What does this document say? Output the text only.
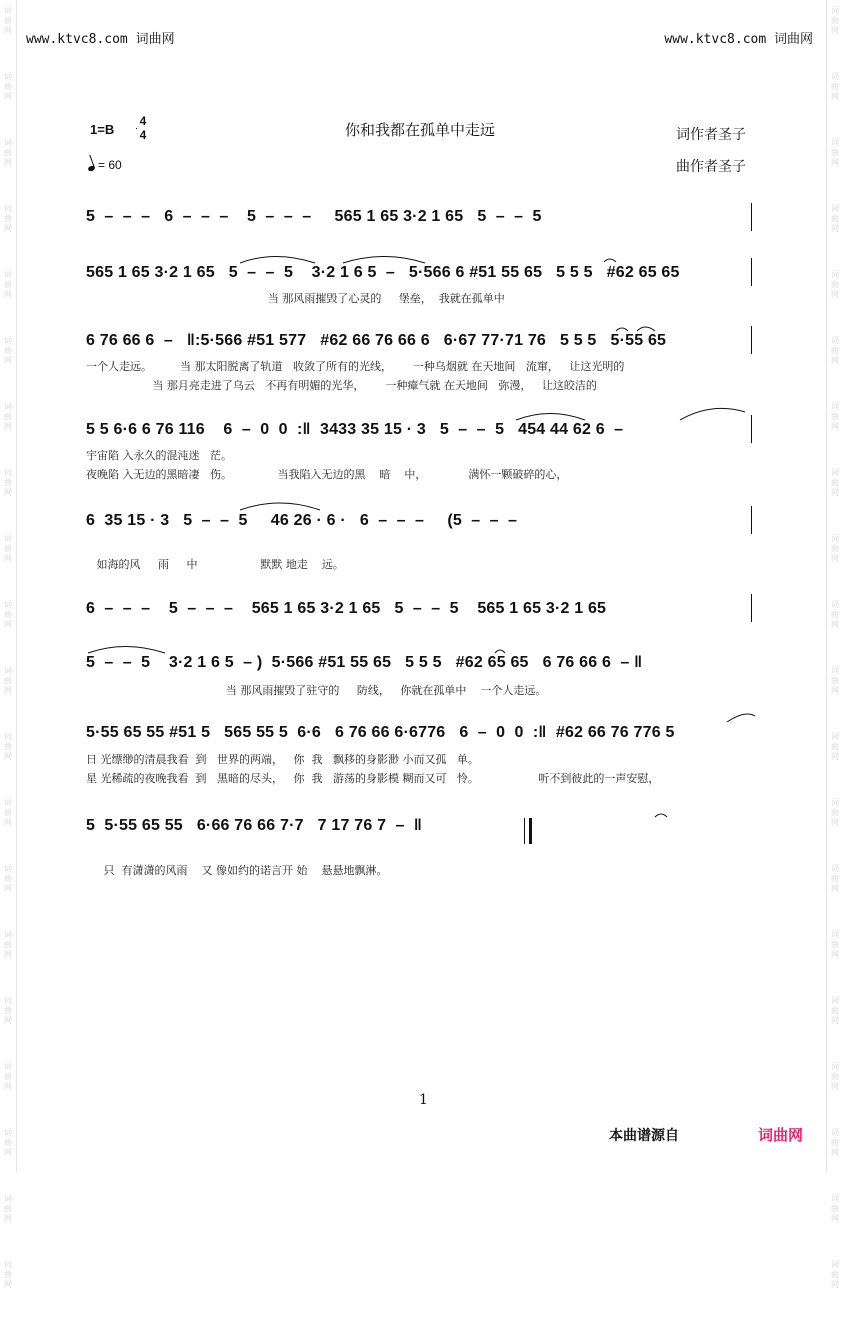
词
曲
网
词
曲
网
词
曲
网
词
曲
网
词
曲
网
词
曲
网
词
曲
网
词
曲
网
词
曲
网
词
曲
网
词
曲
网
词
曲
网
词
曲
网
词
曲
网
词
曲
网
词
曲
网
词
曲
网
词
曲
网
词
曲
网
词
曲
网
词
曲
网
词
曲
网
词
曲
网
词
曲
网
词
曲
网
词
曲
网
词
曲
网
词
曲
网
词
曲
网
词
曲
网
词
曲
网
词
曲
网
词
曲
网
词
曲
网
词
曲
网
词
曲
网
词
曲
网
词
曲
网
词
曲
网
词
曲
网
www.ktvc8.com 词曲网	www.ktvc8.com 词曲网
1=B
4
4
= 60
你和我都在孤单中走远	词作者圣子
曲作者圣子
5  –  –  –   6  –  –  –    5  –  –  –     565 1 65 3·2 1 65   5  –  –  5
565 1 65 3·2 1 65   5  –  –  5    3·2 1 6 5  –   5·566 6 #51 55 65   5 5 5   #62 65 65
当 那风雨摧毁了心灵的     堡垒，  我就在孤单中
6 76 66 6  –   ‖:5·566 #51 577   #62 66 76 66 6   6·67 77·71 76   5 5 5   5·55 65
一个人走远。        当 那太阳脱离了轨道   收敛了所有的光线，      一种乌烟就 在天地间   流窜，   让这光明的
当 那月亮走进了乌云   不再有明媚的光华，      一种瘴气就 在天地间   弥漫，   让这皎洁的
5 5 6·6 6 76 116    6  –  0  0  :‖  3433 35 15 · 3   5  –  –  5   454 44 62 6  –
宇宙陷 入永久的混沌迷   茫。
夜晚陷 入无边的黑暗凄   伤。             当我陷入无边的黑    暗    中，            满怀一颗破碎的心，
6  35 15 · 3   5  –  –  5     46 26 · 6 ·   6  –  –  –     (5  –  –  –
如海的风     雨     中                  默默 地走    远。
6  –  –  –    5  –  –  –    565 1 65 3·2 1 65   5  –  –  5    565 1 65 3·2 1 65
5  –  –  5    3·2 1 6 5  – )  5·566 #51 55 65   5 5 5   #62 65 65   6 76 66 6  – ‖
当 那风雨摧毁了驻守的     防线，   你就在孤单中    一个人走远。
5·55 65 55 #51 5   565 55 5  6·6   6 76 66 6·6776   6  –  0  0  :‖  #62 66 76 776 5
日 光缥缈的清晨我看  到   世界的两端，   你  我   飘移的身影渺 小而又孤   单。
星 光稀疏的夜晚我看  到   黑暗的尽头，   你  我   游荡的身影模 糊而又可   怜。                 听不到彼此的一声安慰，
5  5·55 65 55   6·66 76 66 7·7   7 17 76 7  –  ‖
只  有潇潇的风雨    又 像如约的诺言开 始    悬悬地飘淋。
1
本曲谱源自	词曲网
